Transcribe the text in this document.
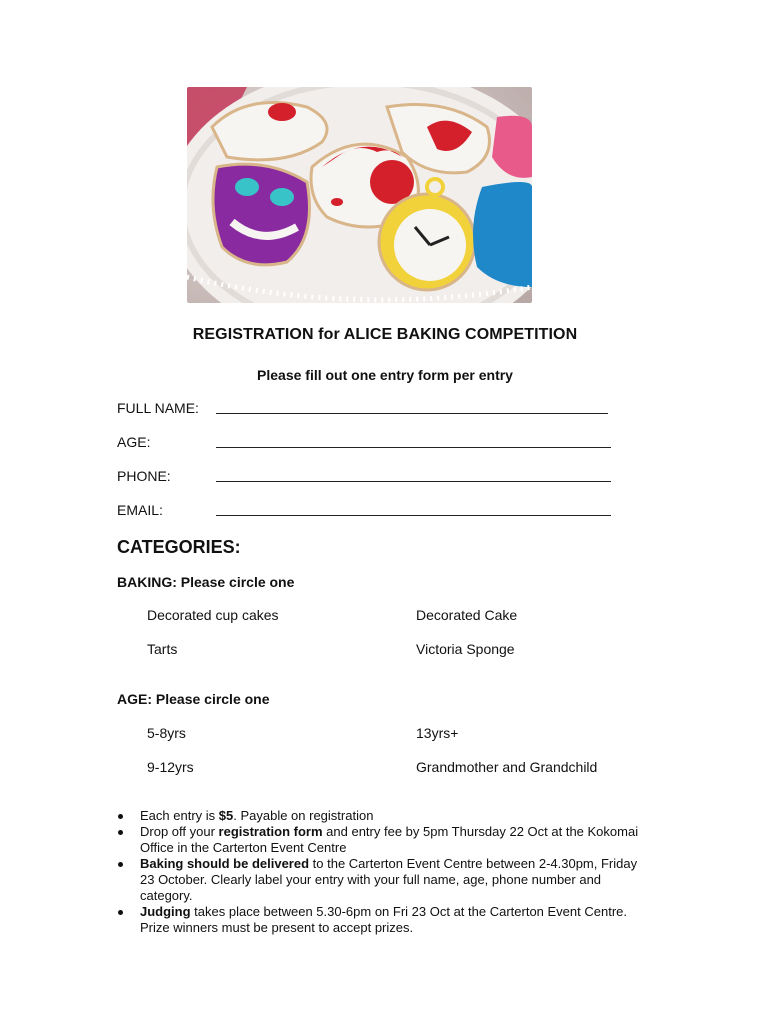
REGISTRATION for ALICE BAKING COMPETITION
Please fill out one entry form per entry
FULL NAME:
AGE:
PHONE:
EMAIL:
CATEGORIES:
BAKING: Please circle one
Decorated cup cakes	Decorated Cake
Tarts	Victoria Sponge
AGE: Please circle one
5-8yrs	13yrs+
9-12yrs	Grandmother and Grandchild
Each entry is $5. Payable on registration
Drop off your registration form and entry fee by 5pm Thursday 22 Oct at the Kokomai Office in the Carterton Event Centre
Baking should be delivered to the Carterton Event Centre between 2-4.30pm, Friday 23 October. Clearly label your entry with your full name, age, phone number and category.
Judging takes place between 5.30-6pm on Fri 23 Oct at the Carterton Event Centre. Prize winners must be present to accept prizes.
